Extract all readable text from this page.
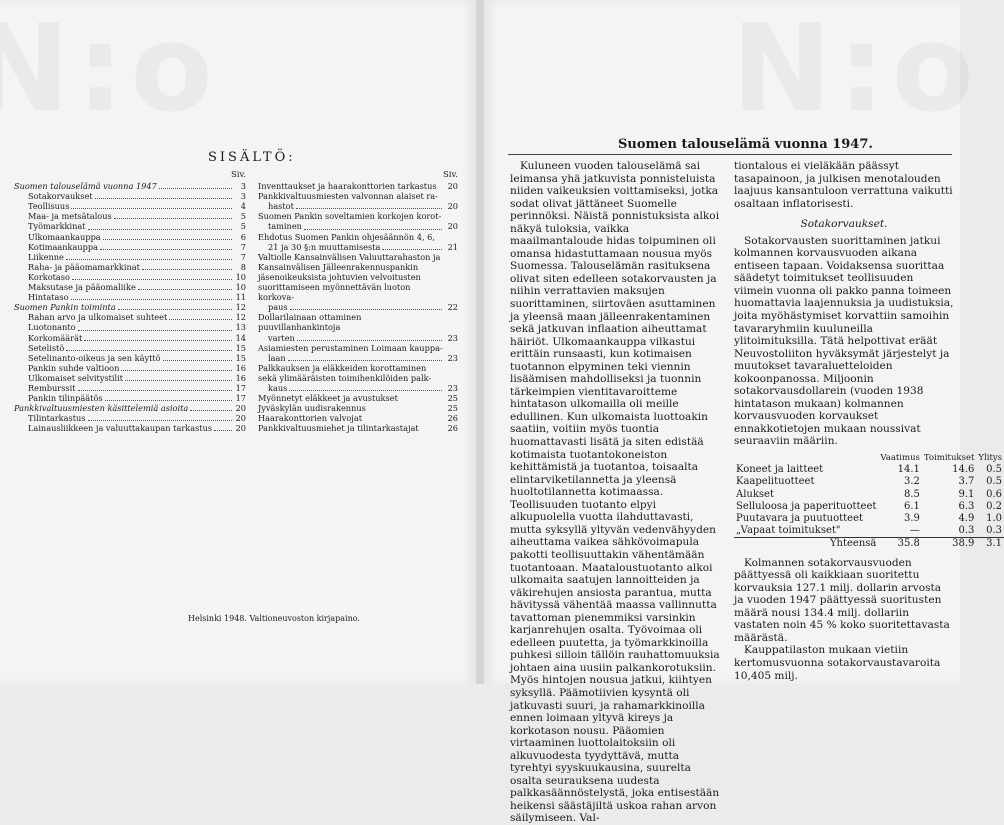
SISÄLTÖ:
Siv.
Suomen talouselämä vuonna 1947	3
Sotakorvaukset	3
Teollisuus	4
Maa- ja metsätalous	5
Työmarkkinat	5
Ulkomaankauppa	6
Kotimaankauppa	7
Liikenne	7
Raha- ja pääomamarkkinat	8
Korkotaso	10
Maksutase ja pääomaliike	10
Hintataso	11
Suomen Pankin toiminta	12
Rahan arvo ja ulkomaiset suhteet	12
Luotonanto	13
Korkomäärät	14
Setelistö	15
Setelinanto-oikeus ja sen käyttö	15
Pankin suhde valtioon	16
Ulkomaiset selvitystilit	16
Remburssit	17
Pankin tilinpäätös	17
Pankkivaltuusmiesten käsittelemiä asioita	20
Tilintarkastus	20
Lainausliikkeen ja valuuttakaupan tarkastus	20
Siv.
Inventtaukset ja haarakonttorien tarkastus	20
Pankkivaltuusmiesten valvonnan alaiset ra-
hastot	20
Suomen Pankin soveltamien korkojen korot-
taminen	20
Ehdotus Suomen Pankin ohjesäännön 4, 6,
21 ja 30 §:n muuttamisesta	21
Valtiolle Kansainvälisen Valuuttarahaston ja Kansainvälisen Jälleenrakennuspankin jäsenoikeuksista johtuvien velvoitusten suorittamiseen myönnettävän luoton korkova-
paus	22
Dollarilainaan ottaminen puuvillanhankintoja
varten	23
Asiamiesten perustaminen Loimaan kauppa-
laan	23
Palkkauksen ja eläkkeiden korottaminen sekä ylimääräisten toimihenkilöiden palk-
kaus	23
Myönnetyt eläkkeet ja avustukset	25
Jyväskylän uudisrakennus	25
Haarakonttorien valvojat	26
Pankkivaltuusmiehet ja tilintarkastajat	26
Helsinki 1948. Valtioneuvoston kirjapaino.
Suomen talouselämä vuonna 1947.

Kuluneen vuoden talouselämä sai leimansa yhä jatkuvista ponnisteluista niiden vaikeuksien voittamiseksi, jotka sodat olivat jättäneet Suomelle perinnöksi. Näistä ponnistuksista alkoi näkyä tuloksia, vaikka maailmantaloude hidas toipuminen oli omansa hidastuttamaan nousua myös Suomessa. Talouselämän rasituksena olivat siten edelleen sotakorvausten ja niihin verrattavien maksujen suorittaminen, siirtoväen asuttaminen ja yleensä maan jälleenrakentaminen sekä jatkuvan inflaation aiheuttamat häiriöt. Ulkomaankauppa vilkastui erittäin runsaasti, kun kotimaisen tuotannon elpyminen teki viennin lisäämisen mahdolliseksi ja tuonnin tärkeimpien vientitavaroitteme hintatason ulkomailla oli meille edullinen. Kun ulkomaista luottoakin saatiin, voitiin myös tuontia huomattavasti lisätä ja siten edistää kotimaista tuotantokoneiston kehittämistä ja tuotantoa, toisaalta elintarviketilannetta ja yleensä huoltotilannetta kotimaassa. Teollisuuden tuotanto elpyi alkupuolella vuotta ilahduttavasti, mutta syksyllä yltyvän vedenvähyyden aiheuttama vaikea sähkövoimapula pakotti teollisuuttakin vähentämään tuotantoaan. Maataloustuotanto alkoi ulkomaita saatujen lannoitteiden ja väkirehujen ansiosta parantua, mutta hävityssä vähentää maassa vallinnutta tavattoman pienemmiksi varsinkin karjanrehujen osalta. Työvoimaa oli edelleen puutetta, ja työmarkkinoilla puhkesi silloin tällöin rauhattomuuksia johtaen aina uusiin palkankorotuksiin. Myös hintojen nousua jatkui, kiihtyen syksyllä. Päämotiivien kysyntä oli jatkuvasti suuri, ja rahamarkkinoilla ennen loimaan yltyvä kireys ja korkotason nousu. Pääomien virtaaminen luottolaitoksiin oli alkuvuodesta tyydyttävä, mutta tyrehtyi syyskuukausina, suurelta osalta seurauksena uudesta palkkasäännöstelystä, joka entisestään heikensi säästäjiltä uskoa rahan arvon säilymiseen. Val-

tiontalous ei vieläkään päässyt tasapainoon, ja julkisen menotalouden laajuus kansantuloon verrattuna vaikutti osaltaan inflatorisesti.

Sotakorvaukset.

Sotakorvausten suorittaminen jatkui kolmannen korvausvuoden aikana entiseen tapaan. Voidaksensa suorittaa säädetyt toimitukset teollisuuden viimein vuonna oli pakko panna toimeen huomattavia laajennuksia ja uudistuksia, joita myöhästymiset korvattiin samoihin tavararyhmiin kuuluneilla ylitoimituksilla. Tätä helpottivat eräät Neuvostoliiton hyväksymät järjestelyt ja muutokset tavaraluetteloiden kokoonpanossa. Miljoonin sotakorvausdollarein (vuoden 1938 hintatason mukaan) kolmannen korvausvuoden korvaukset ennakkotietojen mukaan noussivat seuraaviin määriin.

	Vaatimus	Toimitukset	Ylitys
Koneet ja laitteet	14.1	14.6	0.5
Kaapelituotteet	3.2	3.7	0.5
Alukset	8.5	9.1	0.6
Selluloosa ja paperituotteet	6.1	6.3	0.2
Puutavara ja puutuotteet	3.9	4.9	1.0
„Vapaat toimitukset"	—	0.3	0.3
Yhteensä	35.8	38.9	3.1

Kolmannen sotakorvausvuoden päättyessä oli kaikkiaan suoritettu korvauksia 127.1 milj. dollarin arvosta ja vuoden 1947 päättyessä suoritusten määrä nousi 134.4 milj. dollariin vastaten noin 45 % koko suoritettavasta määrästä.

Kauppatilaston mukaan vietiin kertomusvuonna sotakorvaustavaroita 10,405 milj.
